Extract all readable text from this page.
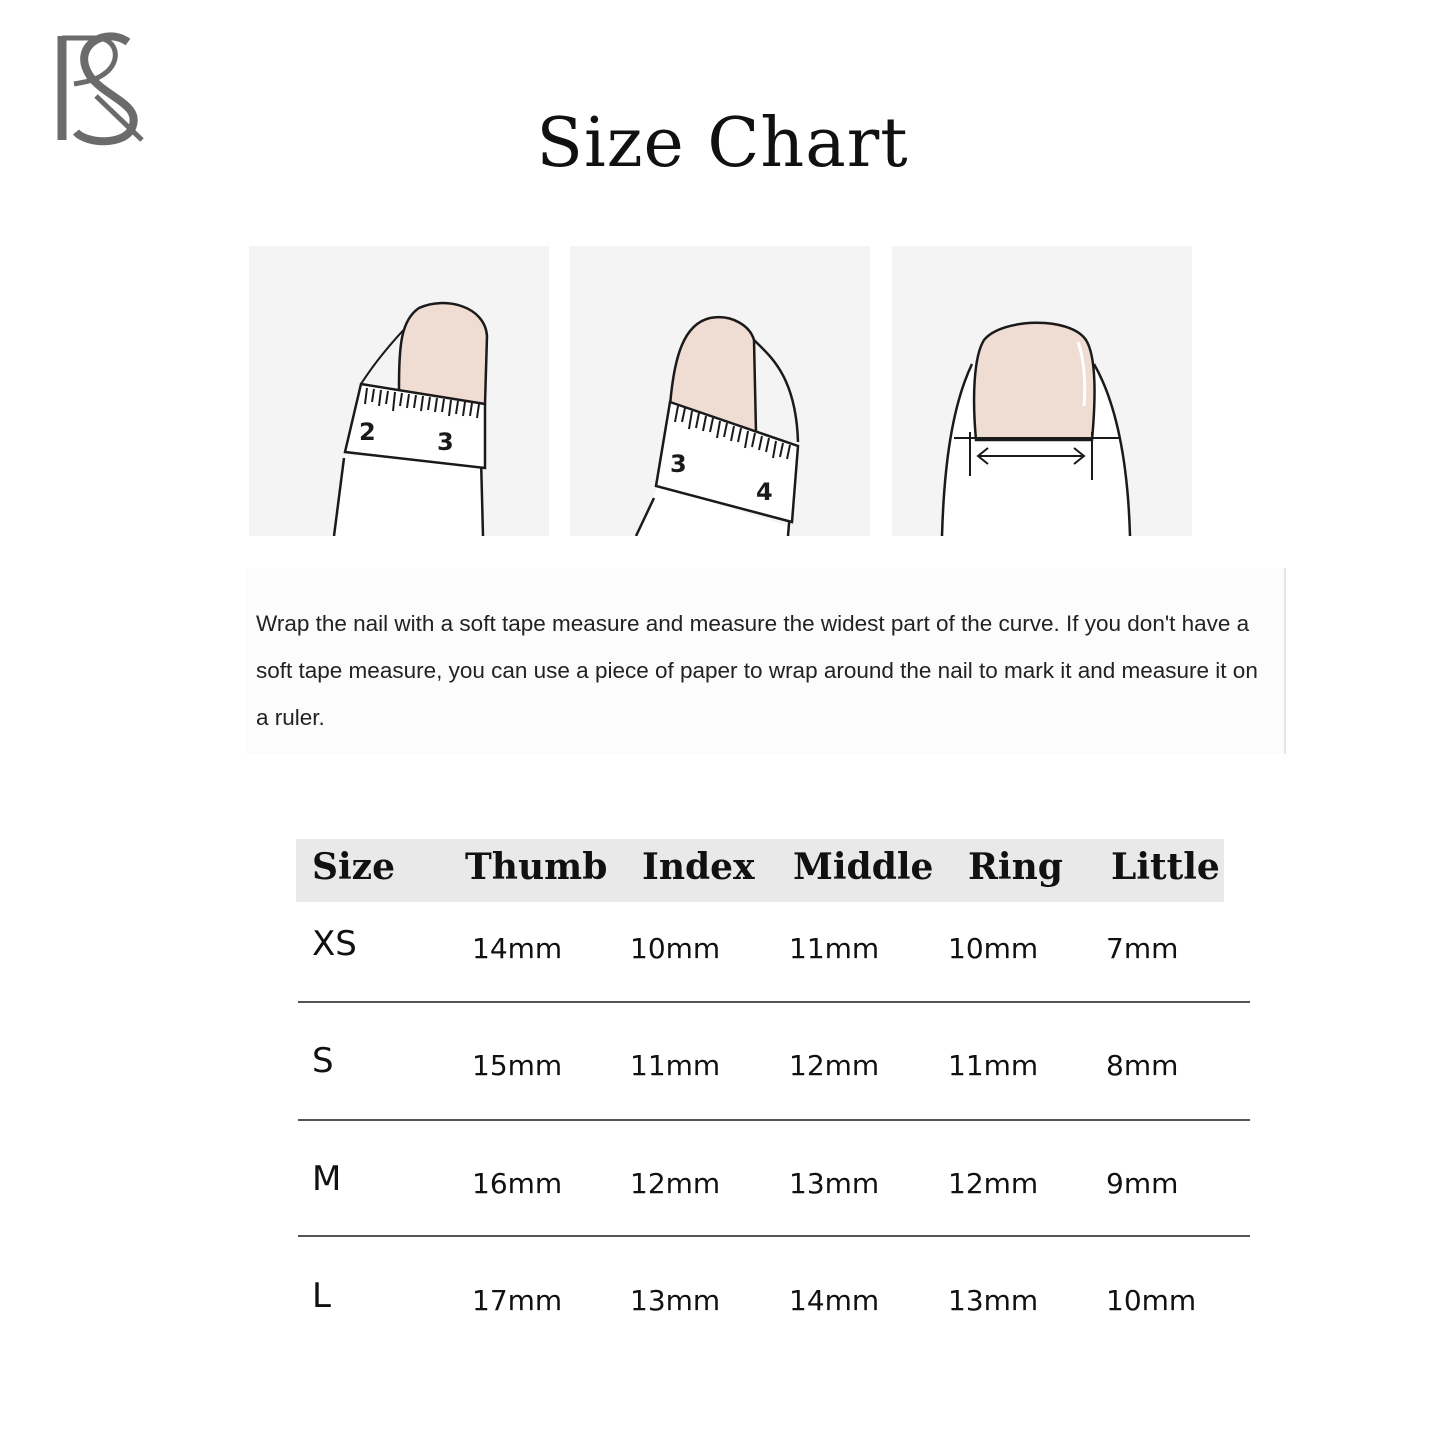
Size Chart
2	3
3
4
Wrap the nail with a soft tape measure and measure the widest part of the curve. If you don't have a soft tape measure, you can use a piece of paper to wrap around the nail to mark it and measure it on a ruler.
Size Thumb Index Middle Ring Little
XS	14mm 10mm 11mm 10mm 7mm
S	15mm 11mm 12mm 11mm 8mm
M	16mm 12mm 13mm 12mm 9mm
L	17mm 13mm 14mm 13mm 10mm
